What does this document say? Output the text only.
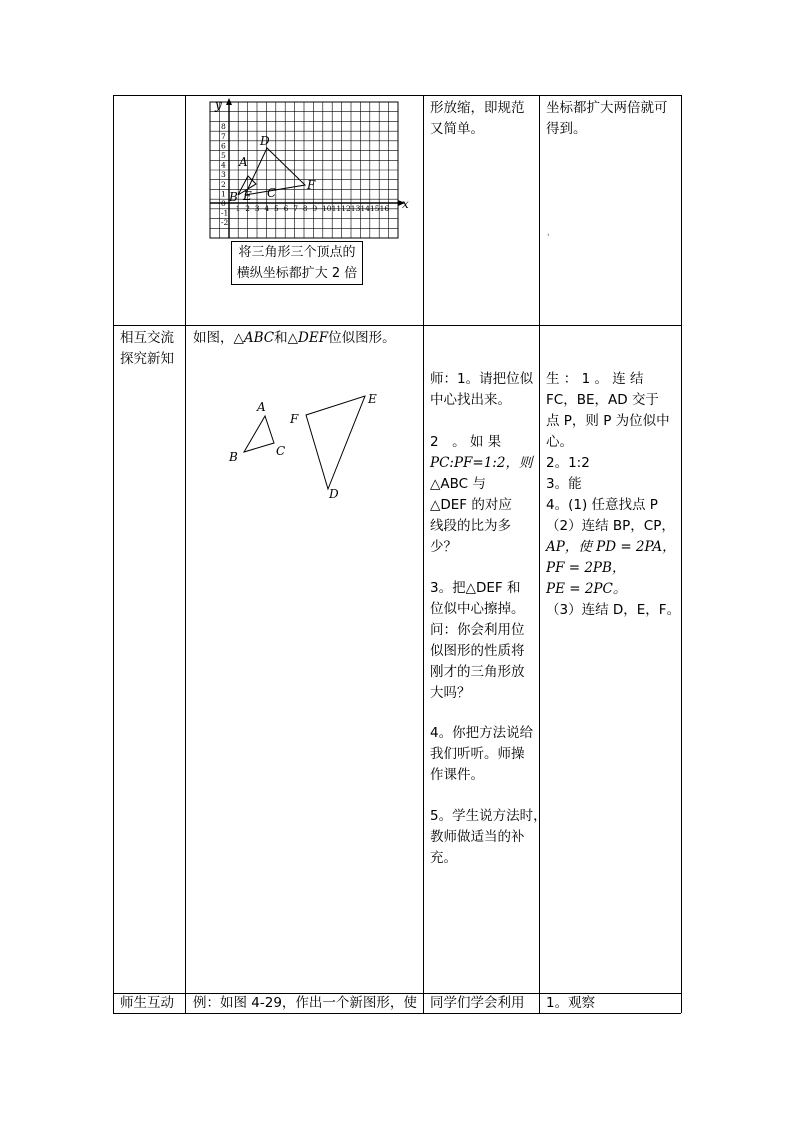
x
y
1 2 3 4 5 6 7 8 9 10 11 12 13 14 15 16
8
7
6
5
4
3
2
1
0
-1
-2
D
A
B E C
F
将三角形三个顶点的
横纵坐标都扩大 2 倍
形放缩，即规范
又简单。
坐标都扩大两倍就可
得到。
'
相互交流
探究新知
如图，△ABC和△DEF位似图形。
A
B	C
F
E
D
师：1。请把位似
中心找出来。
2　。 如 果
PC:PF=1:2，则
△ABC 与
△DEF 的对应
线段的比为多
少？
3。把△DEF 和
位似中心擦掉。
问：你会利用位
似图形的性质将
刚才的三角形放
大吗？
4。你把方法说给
我们听听。师操
作课件。
5。学生说方法时，
教师做适当的补
充。
生 ： 1 。 连 结
FC，BE，AD 交于
点 P，则 P 为位似中
心。
2。1:2
3。能
4。(1) 任意找点 P
（2）连结 BP，CP，
AP，使 PD = 2PA，
PF = 2PB，
PE = 2PC。
（3）连结 D，E，F。
师生互动 例：如图 4-29，作出一个新图形，使 同学们学会利用 1。观察
